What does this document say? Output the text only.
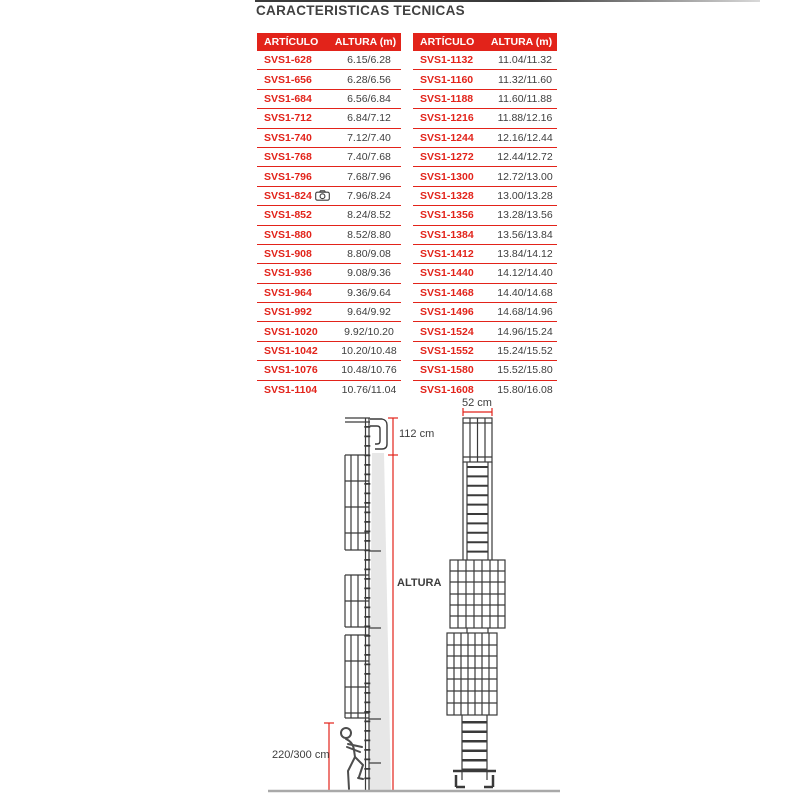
CARACTERISTICAS TECNICAS
ARTÍCULO	ALTURA (m)
SVS1-628	6.15/6.28
SVS1-656	6.28/6.56
SVS1-684	6.56/6.84
SVS1-712	6.84/7.12
SVS1-740	7.12/7.40
SVS1-768	7.40/7.68
SVS1-796	7.68/7.96
SVS1-824	7.96/8.24
SVS1-852	8.24/8.52
SVS1-880	8.52/8.80
SVS1-908	8.80/9.08
SVS1-936	9.08/9.36
SVS1-964	9.36/9.64
SVS1-992	9.64/9.92
SVS1-1020	9.92/10.20
SVS1-1042	10.20/10.48
SVS1-1076	10.48/10.76
SVS1-1104	10.76/11.04
ARTÍCULO	ALTURA (m)
SVS1-1132	11.04/11.32
SVS1-1160	11.32/11.60
SVS1-1188	11.60/11.88
SVS1-1216	11.88/12.16
SVS1-1244	12.16/12.44
SVS1-1272	12.44/12.72
SVS1-1300	12.72/13.00
SVS1-1328	13.00/13.28
SVS1-1356	13.28/13.56
SVS1-1384	13.56/13.84
SVS1-1412	13.84/14.12
SVS1-1440	14.12/14.40
SVS1-1468	14.40/14.68
SVS1-1496	14.68/14.96
SVS1-1524	14.96/15.24
SVS1-1552	15.24/15.52
SVS1-1580	15.52/15.80
SVS1-1608	15.80/16.08
52 cm
112 cm
ALTURA
220/300 cm
